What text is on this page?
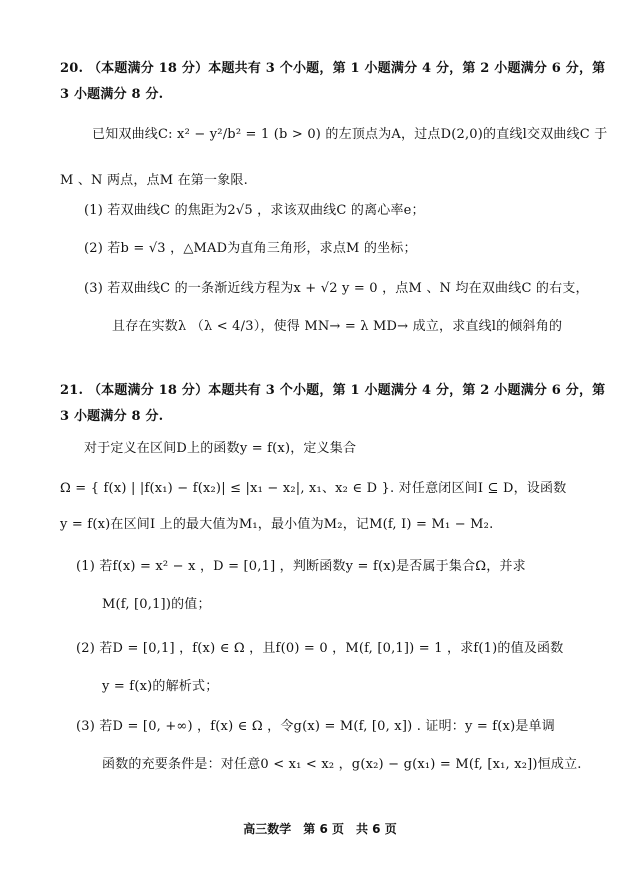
20. （本题满分 18 分）本题共有 3 个小题，第 1 小题满分 4 分，第 2 小题满分 6 分，第
3 小题满分 8 分.
已知双曲线C: x² − y²/b² = 1 (b > 0) 的左顶点为A，过点D(2,0)的直线l交双曲线C 于
M 、N 两点，点M 在第一象限.
(1) 若双曲线C 的焦距为2√5 ，求该双曲线C 的离心率e；
(2) 若b = √3 ，△MAD为直角三角形，求点M 的坐标；
(3) 若双曲线C 的一条渐近线方程为x + √2 y = 0 ，点M 、N 均在双曲线C 的右支，
且存在实数λ （λ < 4/3），使得 MN→ = λ MD→ 成立，求直线l的倾斜角的
21. （本题满分 18 分）本题共有 3 个小题，第 1 小题满分 4 分，第 2 小题满分 6 分，第
3 小题满分 8 分.
对于定义在区间D上的函数y = f(x)，定义集合
Ω = { f(x) | |f(x₁) − f(x₂)| ≤ |x₁ − x₂|, x₁、x₂ ∈ D }. 对任意闭区间I ⊆ D，设函数
y = f(x)在区间I 上的最大值为M₁，最小值为M₂，记M(f, I) = M₁ − M₂.
(1) 若f(x) = x² − x ，D = [0,1] ，判断函数y = f(x)是否属于集合Ω，并求
M(f, [0,1])的值；
(2) 若D = [0,1] ，f(x) ∈ Ω ，且f(0) = 0 ，M(f, [0,1]) = 1 ，求f(1)的值及函数
y = f(x)的解析式；
(3) 若D = [0, +∞) ，f(x) ∈ Ω ，令g(x) = M(f, [0, x]) . 证明：y = f(x)是单调
函数的充要条件是：对任意0 < x₁ < x₂ ，g(x₂) − g(x₁) = M(f, [x₁, x₂])恒成立.
高三数学　第 6 页　共 6 页
